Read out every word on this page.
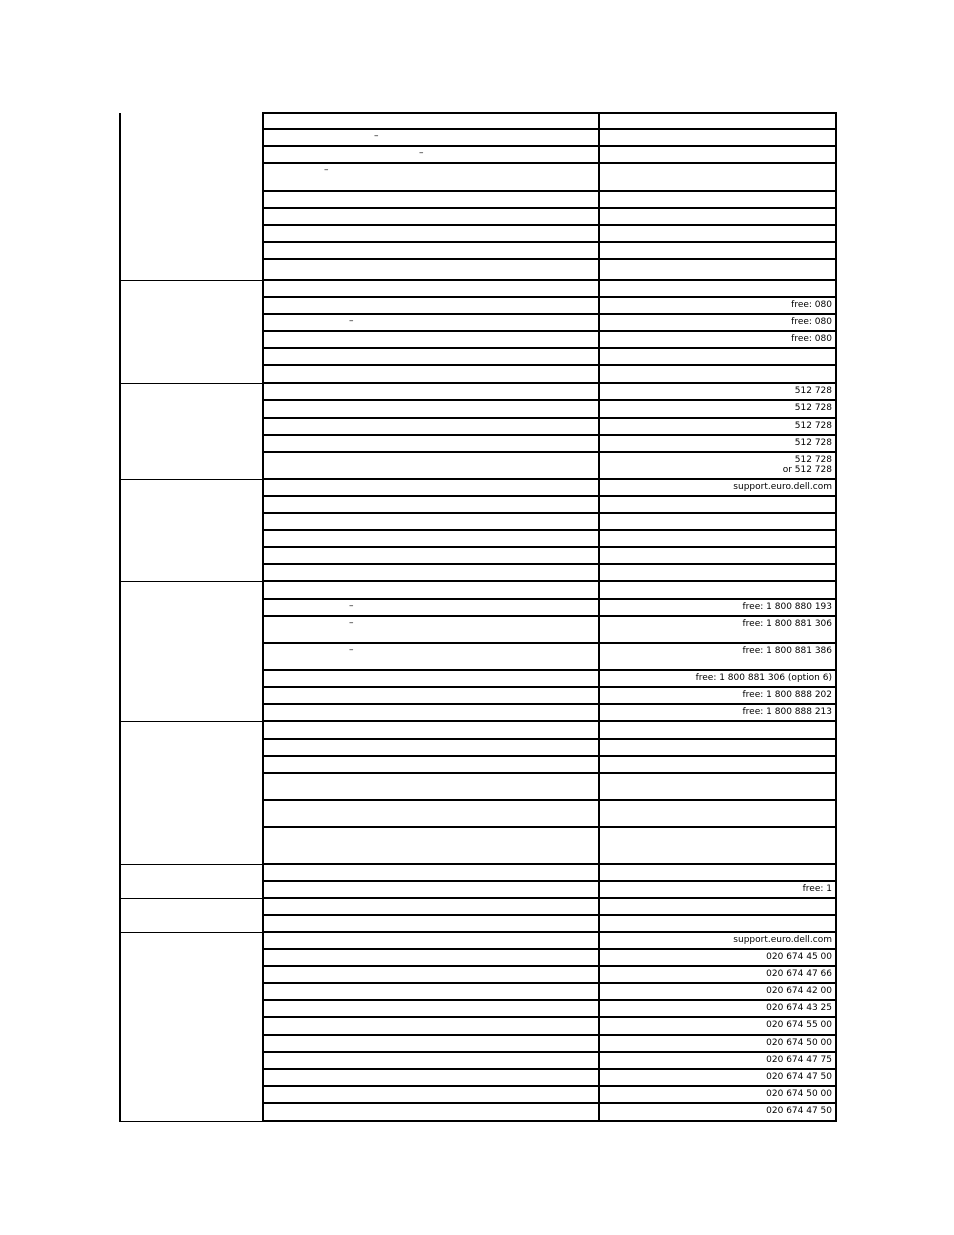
	–	

	–	

	–	

		free: 080

	–	free: 080

		free: 080

		512 728

		512 728

		512 728

		512 728

		512 728
or 512 728

		support.euro.dell.com

	–	free: 1 800 880 193

	–	free: 1 800 881 306

	–	free: 1 800 881 386

		free: 1 800 881 306 (option 6)

		free: 1 800 888 202

		free: 1 800 888 213

		free: 1

		support.euro.dell.com

		020 674 45 00

		020 674 47 66

		020 674 42 00

		020 674 43 25

		020 674 55 00

		020 674 50 00

		020 674 47 75

		020 674 47 50

		020 674 50 00

		020 674 47 50
